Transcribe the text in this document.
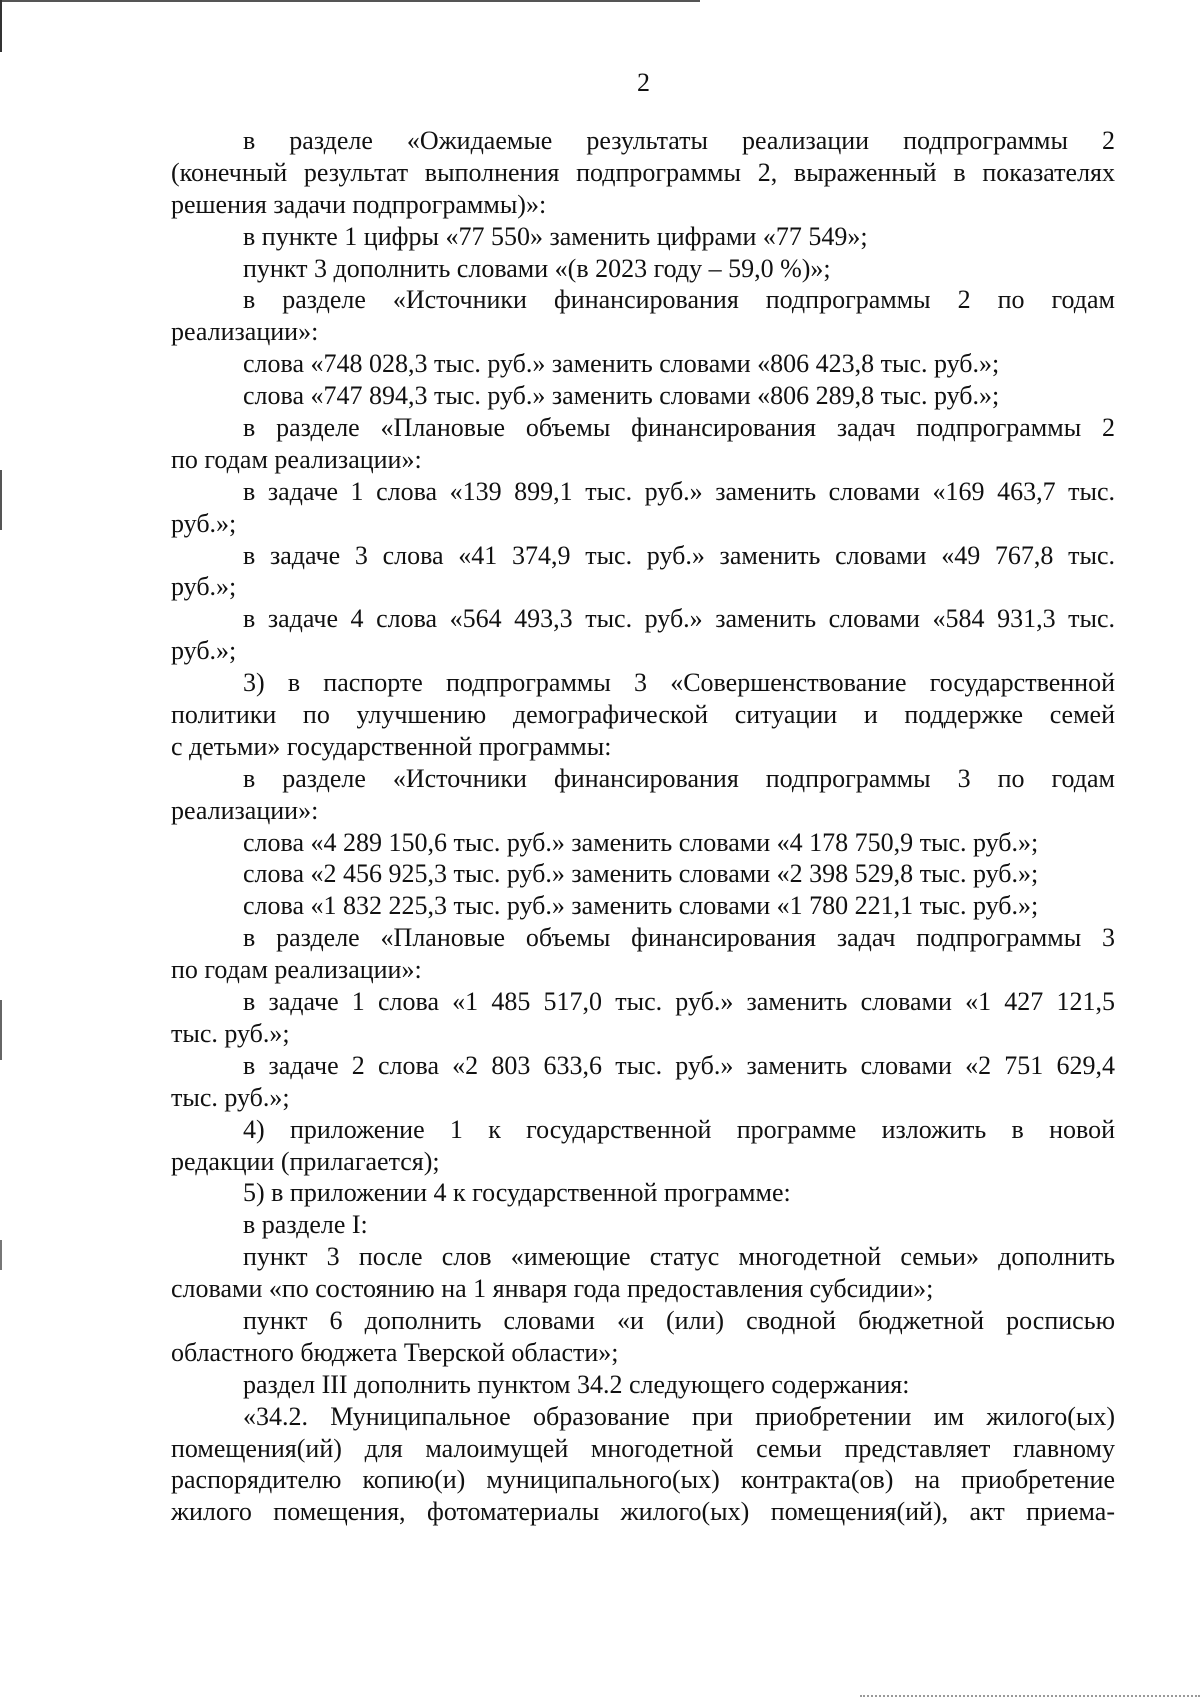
2
в разделе «Ожидаемые результаты реализации подпрограммы 2
(конечный результат выполнения подпрограммы 2, выраженный в показателях
решения задачи подпрограммы)»:
в пункте 1 цифры «77 550» заменить цифрами «77 549»;
пункт 3 дополнить словами «(в 2023 году – 59,0 %)»;
в разделе «Источники финансирования подпрограммы 2 по годам
реализации»:
слова «748 028,3 тыс. руб.» заменить словами «806 423,8 тыс. руб.»;
слова «747 894,3 тыс. руб.» заменить словами «806 289,8 тыс. руб.»;
в разделе «Плановые объемы финансирования задач подпрограммы 2
по годам реализации»:
в задаче 1 слова «139 899,1 тыс. руб.» заменить словами «169 463,7 тыс.
руб.»;
в задаче 3 слова «41 374,9 тыс. руб.» заменить словами «49 767,8 тыс.
руб.»;
в задаче 4 слова «564 493,3 тыс. руб.» заменить словами «584 931,3 тыс.
руб.»;
3) в паспорте подпрограммы 3 «Совершенствование государственной
политики по улучшению демографической ситуации и поддержке семей
с детьми» государственной программы:
в разделе «Источники финансирования подпрограммы 3 по годам
реализации»:
слова «4 289 150,6 тыс. руб.» заменить словами «4 178 750,9 тыс. руб.»;
слова «2 456 925,3 тыс. руб.» заменить словами «2 398 529,8 тыс. руб.»;
слова «1 832 225,3 тыс. руб.» заменить словами «1 780 221,1 тыс. руб.»;
в разделе «Плановые объемы финансирования задач подпрограммы 3
по годам реализации»:
в задаче 1 слова «1 485 517,0 тыс. руб.» заменить словами «1 427 121,5
тыс. руб.»;
в задаче 2 слова «2 803 633,6 тыс. руб.» заменить словами «2 751 629,4
тыс. руб.»;
4) приложение 1 к государственной программе изложить в новой
редакции (прилагается);
5) в приложении 4 к государственной программе:
в разделе I:
пункт 3 после слов «имеющие статус многодетной семьи» дополнить
словами «по состоянию на 1 января года предоставления субсидии»;
пункт 6 дополнить словами «и (или) сводной бюджетной росписью
областного бюджета Тверской области»;
раздел III дополнить пунктом 34.2 следующего содержания:
«34.2. Муниципальное образование при приобретении им жилого(ых)
помещения(ий) для малоимущей многодетной семьи представляет главному
распорядителю копию(и) муниципального(ых) контракта(ов) на приобретение
жилого помещения, фотоматериалы жилого(ых) помещения(ий), акт приема-
